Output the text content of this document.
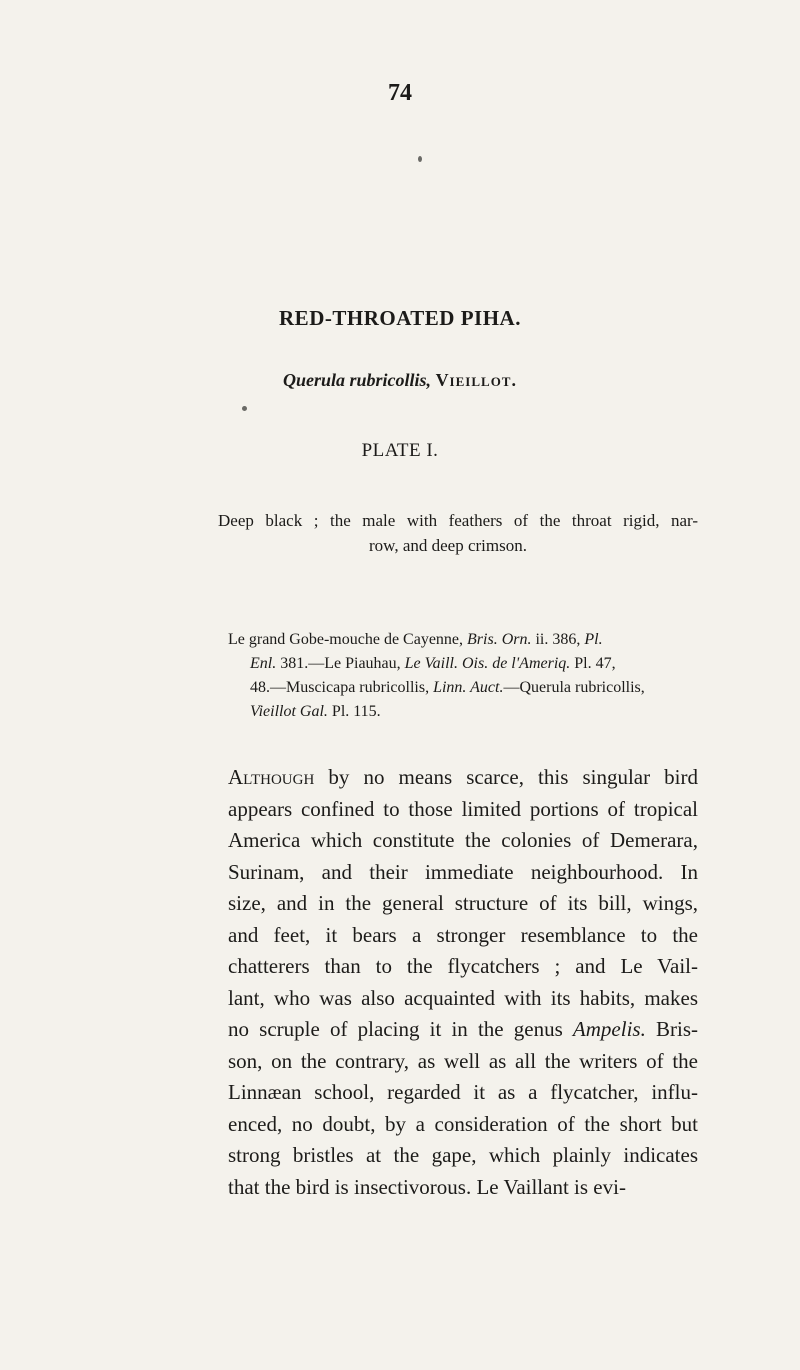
74
RED-THROATED PIHA.
Querula rubricollis, Vieillot.
PLATE I.
Deep black ; the male with feathers of the throat rigid, nar-
row, and deep crimson.
Le grand Gobe-mouche de Cayenne, Bris. Orn. ii. 386, Pl.
Enl. 381.—Le Piauhau, Le Vaill. Ois. de l'Ameriq. Pl. 47,
48.—Muscicapa rubricollis, Linn. Auct.—Querula rubricollis,
Vieillot Gal. Pl. 115.
Although by no means scarce, this singular bird
appears confined to those limited portions of tropical
America which constitute the colonies of Demerara,
Surinam, and their immediate neighbourhood. In
size, and in the general structure of its bill, wings,
and feet, it bears a stronger resemblance to the
chatterers than to the flycatchers ; and Le Vail-
lant, who was also acquainted with its habits, makes
no scruple of placing it in the genus Ampelis. Bris-
son, on the contrary, as well as all the writers of the
Linnæan school, regarded it as a flycatcher, influ-
enced, no doubt, by a consideration of the short but
strong bristles at the gape, which plainly indicates
that the bird is insectivorous. Le Vaillant is evi-
